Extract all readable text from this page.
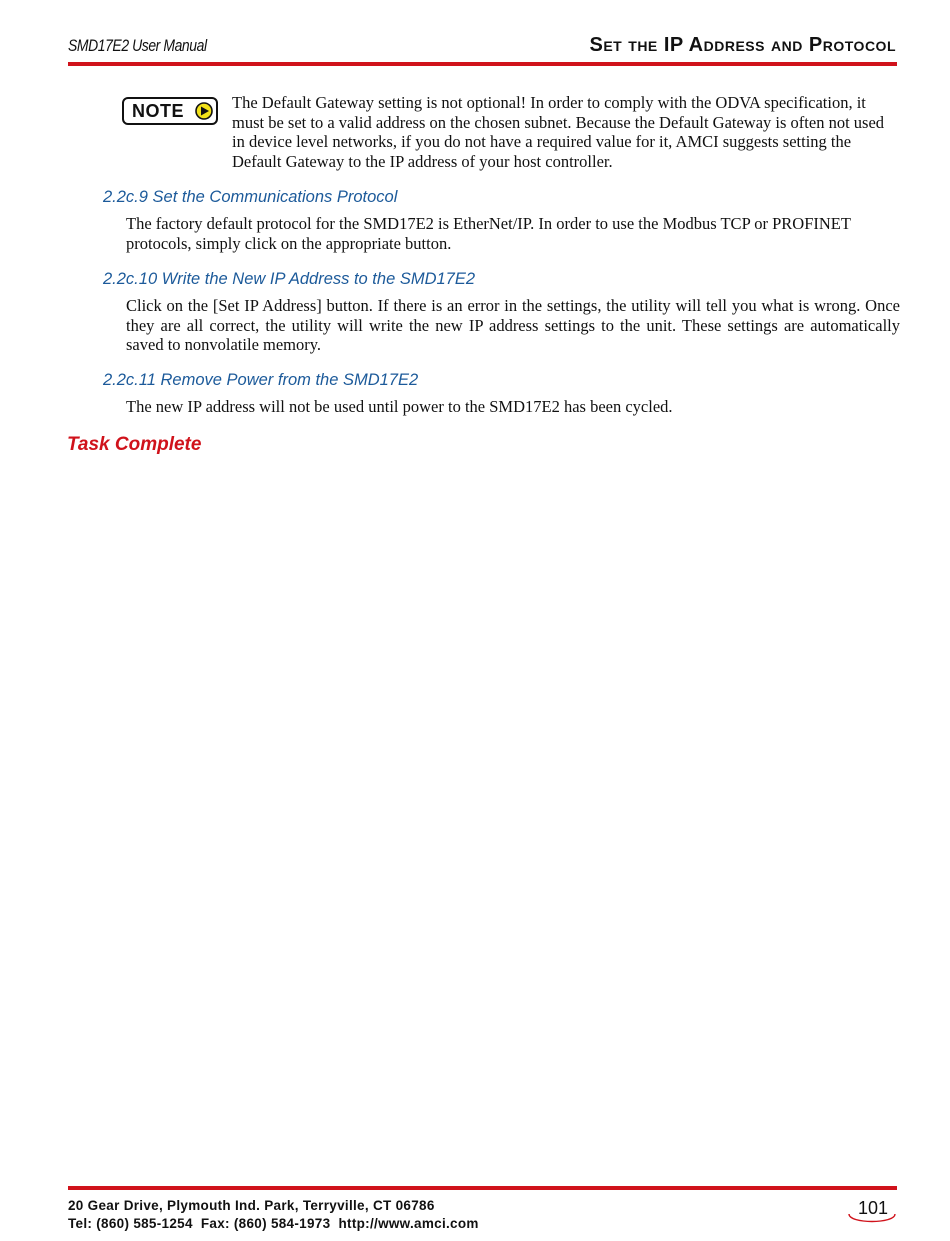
SMD17E2 User Manual	Set the IP Address and Protocol
NOTE	The Default Gateway setting is not optional! In order to comply with the ODVA specification, it must be set to a valid address on the chosen subnet. Because the Default Gateway is often not used in device level networks, if you do not have a required value for it, AMCI suggests setting the Default Gateway to the IP address of your host controller.
2.2c.9 Set the Communications Protocol
The factory default protocol for the SMD17E2 is EtherNet/IP. In order to use the Modbus TCP or PROFINET protocols, simply click on the appropriate button.
2.2c.10 Write the New IP Address to the SMD17E2
Click on the [Set IP Address] button. If there is an error in the settings, the utility will tell you what is wrong. Once they are all correct, the utility will write the new IP address settings to the unit. These settings are automatically saved to nonvolatile memory.
2.2c.11 Remove Power from the SMD17E2
The new IP address will not be used until power to the SMD17E2 has been cycled.
Task Complete
20 Gear Drive, Plymouth Ind. Park, Terryville, CT 06786
Tel: (860) 585-1254  Fax: (860) 584-1973  http://www.amci.com
101
